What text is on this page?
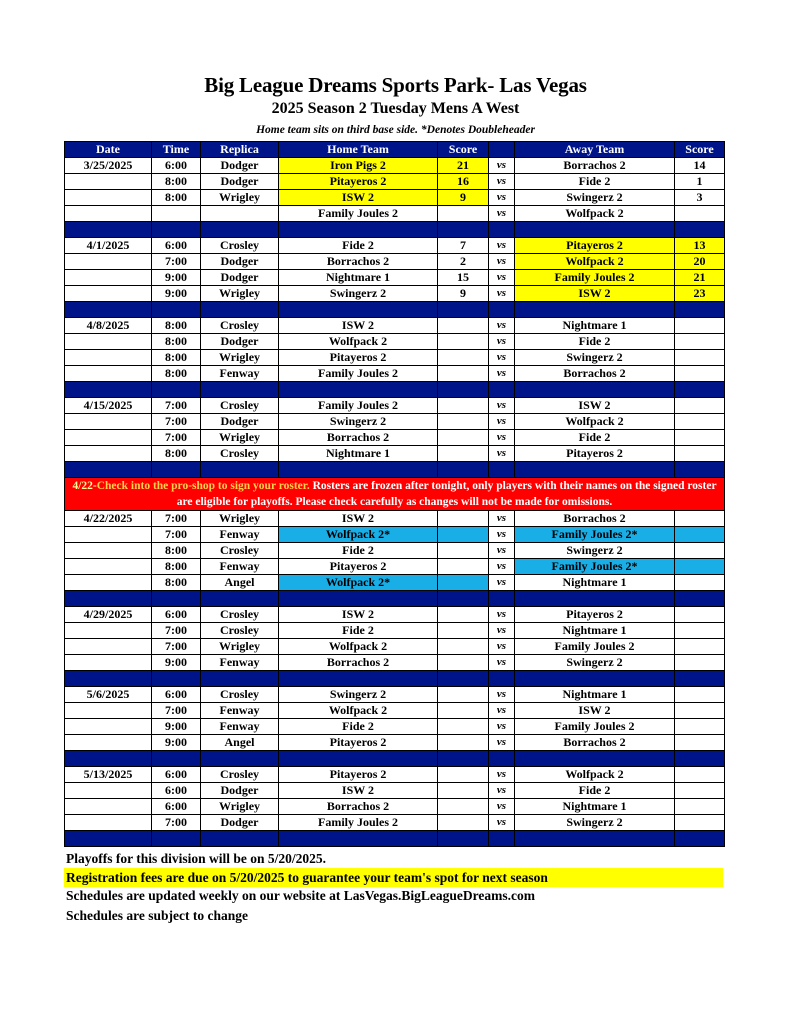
Big League Dreams Sports Park- Las Vegas
2025 Season 2 Tuesday Mens A West
Home team sits on third base side. *Denotes Doubleheader
Date	Time	Replica	Home Team	Score		Away Team	Score
3/25/2025	6:00	Dodger	Iron Pigs 2	21	vs	Borrachos 2	14
	8:00	Dodger	Pitayeros 2	16	vs	Fide 2	1
	8:00	Wrigley	ISW 2	9	vs	Swingerz 2	3
			Family Joules 2		vs	Wolfpack 2	

4/1/2025	6:00	Crosley	Fide 2	7	vs	Pitayeros 2	13
	7:00	Dodger	Borrachos 2	2	vs	Wolfpack 2	20
	9:00	Dodger	Nightmare 1	15	vs	Family Joules 2	21
	9:00	Wrigley	Swingerz 2	9	vs	ISW 2	23

4/8/2025	8:00	Crosley	ISW 2		vs	Nightmare 1	
	8:00	Dodger	Wolfpack 2		vs	Fide 2	
	8:00	Wrigley	Pitayeros 2		vs	Swingerz 2	
	8:00	Fenway	Family Joules 2		vs	Borrachos 2	

4/15/2025	7:00	Crosley	Family Joules 2		vs	ISW 2	
	7:00	Dodger	Swingerz 2		vs	Wolfpack 2	
	7:00	Wrigley	Borrachos 2		vs	Fide 2	
	8:00	Crosley	Nightmare 1		vs	Pitayeros 2	

4/22-Check into the pro-shop to sign your roster. Rosters are frozen after tonight, only players with their names on the signed roster are eligible for playoffs. Please check carefully as changes will not be made for omissions.							
4/22/2025	7:00	Wrigley	ISW 2		vs	Borrachos 2	
	7:00	Fenway	Wolfpack 2*		vs	Family Joules 2*	
	8:00	Crosley	Fide 2		vs	Swingerz 2	
	8:00	Fenway	Pitayeros 2		vs	Family Joules 2*	
	8:00	Angel	Wolfpack 2*		vs	Nightmare 1	

4/29/2025	6:00	Crosley	ISW 2		vs	Pitayeros 2	
	7:00	Crosley	Fide 2		vs	Nightmare 1	
	7:00	Wrigley	Wolfpack 2		vs	Family Joules 2	
	9:00	Fenway	Borrachos 2		vs	Swingerz 2	

5/6/2025	6:00	Crosley	Swingerz 2		vs	Nightmare 1	
	7:00	Fenway	Wolfpack 2		vs	ISW 2	
	9:00	Fenway	Fide 2		vs	Family Joules 2	
	9:00	Angel	Pitayeros 2		vs	Borrachos 2	

5/13/2025	6:00	Crosley	Pitayeros 2		vs	Wolfpack 2	
	6:00	Dodger	ISW 2		vs	Fide 2	
	6:00	Wrigley	Borrachos 2		vs	Nightmare 1	
	7:00	Dodger	Family Joules 2		vs	Swingerz 2	

Playoffs for this division will be on 5/20/2025.
Registration fees are due on 5/20/2025 to guarantee your team's spot for next season
Schedules are updated weekly on our website at LasVegas.BigLeagueDreams.com
Schedules are subject to change
